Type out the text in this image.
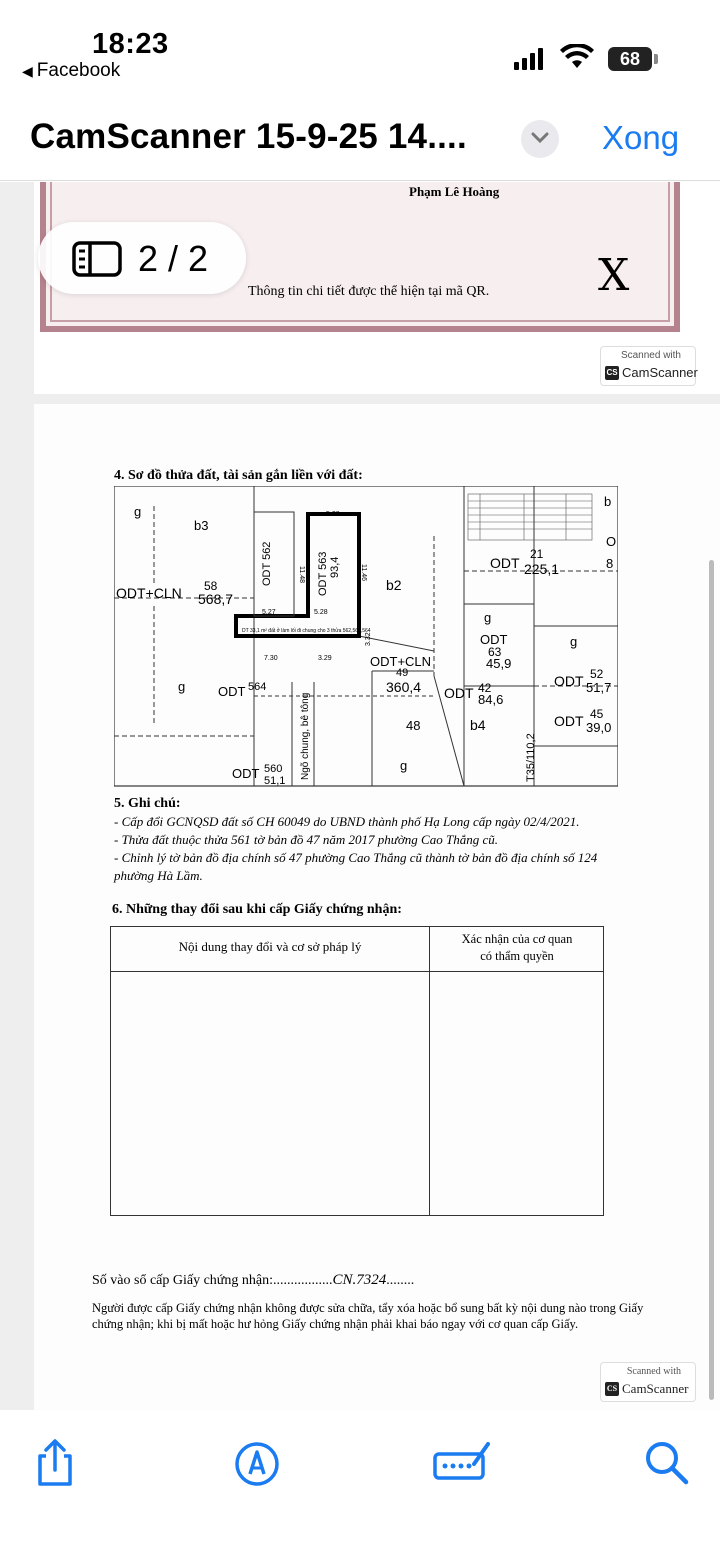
18:23
◀ Facebook
68
CamScanner 15-9-25 14....	Xong
Phạm Lê Hoàng
X
Thông tin chi tiết được thể hiện tại mã QR.
Scanned with
CS CamScanner
2 / 2
4. Sơ đồ thửa đất, tài sản gắn liền với đất:
g
b3
ODT+CLN 58
568,7
g	ODT 564
ODT 560
51,1
b2
ODT+CLN
49
360,4
48
g
g
ODT
63
45,9
ODT 42
84,6
b4
ODT
21
225,1
b
O
8
g
ODT 52
51,7
ODT 45
39,0
ODT 562	ODT 563 93,4
Ngõ chung, bê tông	T35/110,2
5.27	5.28
7.30	3.29
3.32
5.28
11.48	11.46
DT 33,1 m² đất ở làm lối đi chung cho 3 thửa 562,563,564
5. Ghi chú:
- Cấp đổi GCNQSD đất số CH 60049 do UBND thành phố Hạ Long cấp ngày 02/4/2021.
- Thửa đất thuộc thửa 561 tờ bản đồ 47 năm 2017 phường Cao Thắng cũ.
- Chỉnh lý tờ bản đồ địa chính số 47 phường Cao Thắng cũ thành tờ bản đồ địa chính số 124
phường Hà Lầm.
6. Những thay đổi sau khi cấp Giấy chứng nhận:
Nội dung thay đổi và cơ sở pháp lý	Xác nhận của cơ quan
có thẩm quyền
Số vào sổ cấp Giấy chứng nhận:.................CN.7324........
Người được cấp Giấy chứng nhận không được sửa chữa, tẩy xóa hoặc bổ sung bất kỳ nội dung nào trong Giấy chứng nhận; khi bị mất hoặc hư hỏng Giấy chứng nhận phải khai báo ngay với cơ quan cấp Giấy.
Scanned with
CS CamScanner
